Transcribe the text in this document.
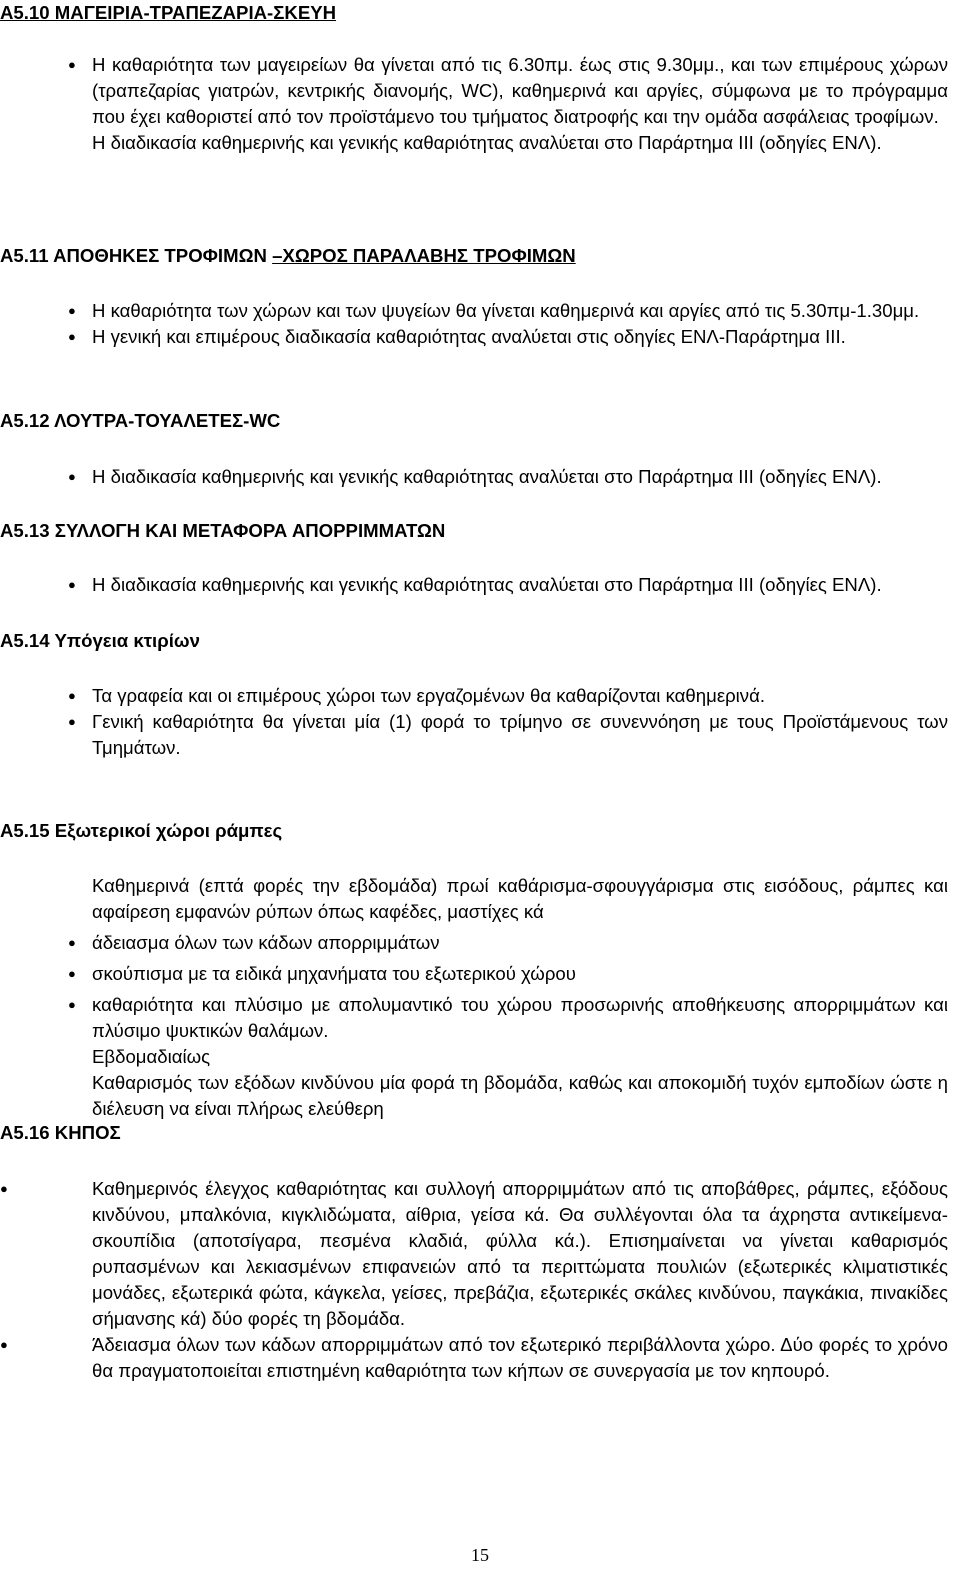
Α5.10 ΜΑΓΕΙΡΙΑ-ΤΡΑΠΕΖΑΡΙΑ-ΣΚΕΥΗ
● Η καθαριότητα των μαγειρείων θα γίνεται από τις 6.30πμ. έως στις 9.30μμ., και των επιμέρους χώρων (τραπεζαρίας γιατρών, κεντρικής διανομής, WC), καθημερινά και αργίες, σύμφωνα με το πρόγραμμα που έχει καθοριστεί από τον προϊστάμενο του τμήματος διατροφής και την ομάδα ασφάλειας τροφίμων.
Η διαδικασία καθημερινής και γενικής καθαριότητας αναλύεται στο Παράρτημα ΙΙΙ (οδηγίες ΕΝΛ).
Α5.11 ΑΠΟΘΗΚΕΣ ΤΡΟΦΙΜΩΝ –ΧΩΡΟΣ ΠΑΡΑΛΑΒΗΣ ΤΡΟΦΙΜΩΝ
● Η καθαριότητα των χώρων και των ψυγείων θα γίνεται καθημερινά και αργίες από τις 5.30πμ-1.30μμ.
● Η γενική και επιμέρους διαδικασία καθαριότητας αναλύεται στις οδηγίες ΕΝΛ-Παράρτημα ΙΙΙ.
Α5.12 ΛΟΥΤΡΑ-ΤΟΥΑΛΕΤΕΣ-WC
● Η διαδικασία καθημερινής και γενικής καθαριότητας αναλύεται στο Παράρτημα ΙΙΙ (οδηγίες ΕΝΛ).
Α5.13 ΣΥΛΛΟΓΗ ΚΑΙ ΜΕΤΑΦΟΡΑ ΑΠΟΡΡΙΜΜΑΤΩΝ
● Η διαδικασία καθημερινής και γενικής καθαριότητας αναλύεται στο Παράρτημα ΙΙΙ (οδηγίες ΕΝΛ).
Α5.14 Υπόγεια κτιρίων
● Τα γραφεία και οι επιμέρους χώροι των εργαζομένων θα καθαρίζονται καθημερινά.
● Γενική καθαριότητα θα γίνεται μία (1) φορά το τρίμηνο σε συνεννόηση με τους Προϊστάμενους των Τμημάτων.
Α5.15 Εξωτερικοί χώροι ράμπες
Καθημερινά (επτά φορές την εβδομάδα) πρωί καθάρισμα-σφουγγάρισμα στις εισόδους, ράμπες και αφαίρεση εμφανών ρύπων όπως καφέδες, μαστίχες κά
● άδειασμα όλων των κάδων απορριμμάτων
● σκούπισμα με τα ειδικά μηχανήματα του εξωτερικού χώρου
● καθαριότητα και πλύσιμο με απολυμαντικό του χώρου προσωρινής αποθήκευσης απορριμμάτων και πλύσιμο ψυκτικών θαλάμων.
Εβδομαδιαίως
Καθαρισμός των εξόδων κινδύνου μία φορά τη βδομάδα, καθώς και αποκομιδή τυχόν εμποδίων ώστε η διέλευση να είναι πλήρως ελεύθερη
Α5.16 ΚΗΠΟΣ
●	Καθημερινός έλεγχος καθαριότητας και συλλογή απορριμμάτων από τις αποβάθρες, ράμπες, εξόδους κινδύνου, μπαλκόνια, κιγκλιδώματα, αίθρια, γείσα κά. Θα συλλέγονται όλα τα άχρηστα αντικείμενα-σκουπίδια (αποτσίγαρα, πεσμένα κλαδιά, φύλλα κά.). Επισημαίνεται να γίνεται καθαρισμός ρυπασμένων και λεκιασμένων επιφανειών από τα περιττώματα πουλιών (εξωτερικές κλιματιστικές μονάδες, εξωτερικά φώτα, κάγκελα, γείσες, πρεβάζια, εξωτερικές σκάλες κινδύνου, παγκάκια, πινακίδες σήμανσης κά) δύο φορές τη βδομάδα.
●	Άδειασμα όλων των κάδων απορριμμάτων από τον εξωτερικό περιβάλλοντα χώρο. Δύο φορές το χρόνο θα πραγματοποιείται επιστημένη καθαριότητα των κήπων σε συνεργασία με τον κηπουρό.
15
